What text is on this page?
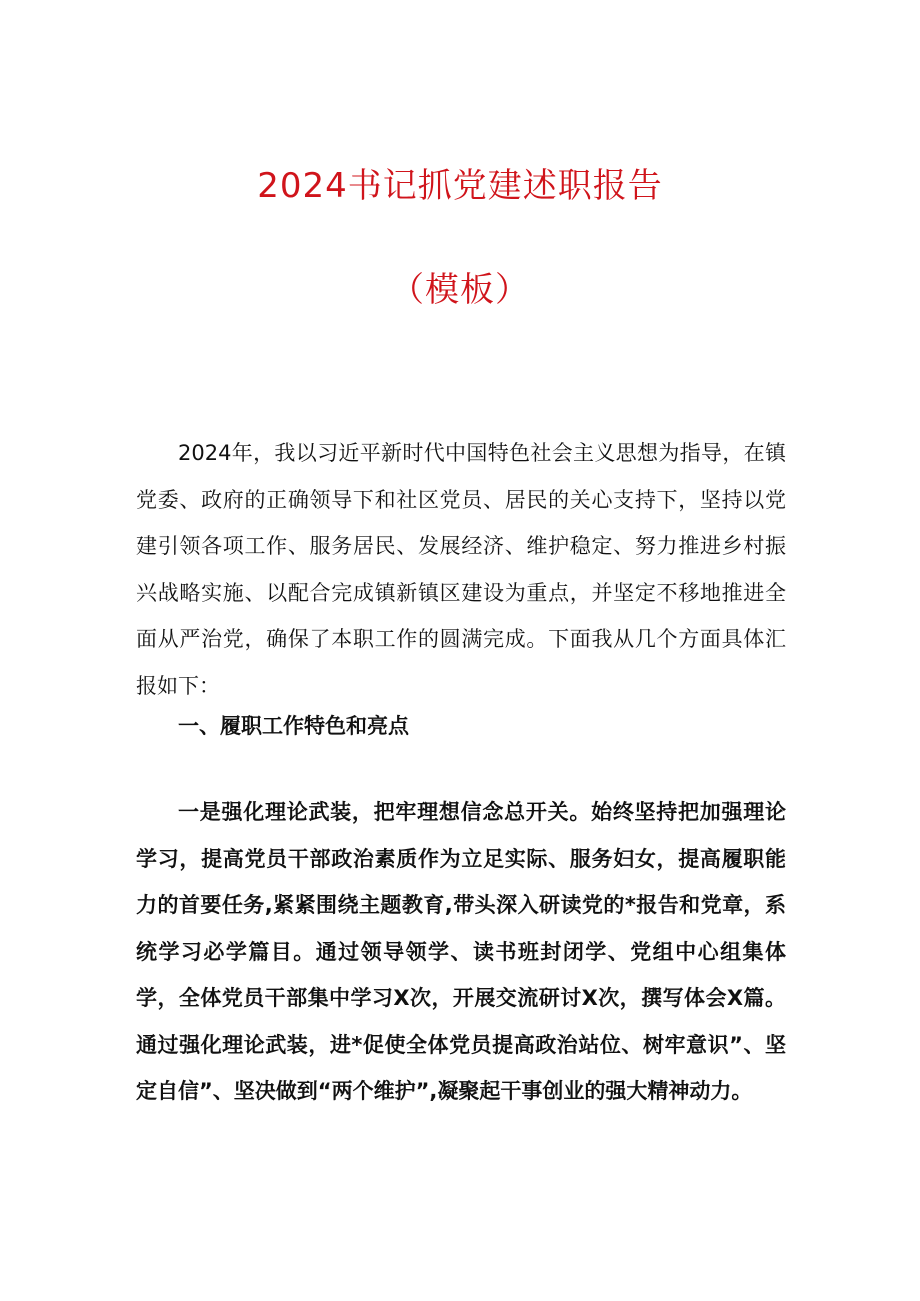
2024书记抓党建述职报告
（模板）

2024年，我以习近平新时代中国特色社会主义思想为指导，在镇党委、政府的正确领导下和社区党员、居民的关心支持下，坚持以党建引领各项工作、服务居民、发展经济、维护稳定、努力推进乡村振兴战略实施、以配合完成镇新镇区建设为重点，并坚定不移地推进全面从严治党，确保了本职工作的圆满完成。下面我从几个方面具体汇报如下：

一、履职工作特色和亮点

一是强化理论武装，把牢理想信念总开关。始终坚持把加强理论学习，提高党员干部政治素质作为立足实际、服务妇女，提高履职能力的首要任务,紧紧围绕主题教育,带头深入研读党的*报告和党章，系统学习必学篇目。通过领导领学、读书班封闭学、党组中心组集体学，全体党员干部集中学习X次，开展交流研讨X次，撰写体会X篇。通过强化理论武装，进*促使全体党员提高政治站位、树牢意识”、坚定自信”、坚决做到“两个维护”,凝聚起干事创业的强大精神动力。
